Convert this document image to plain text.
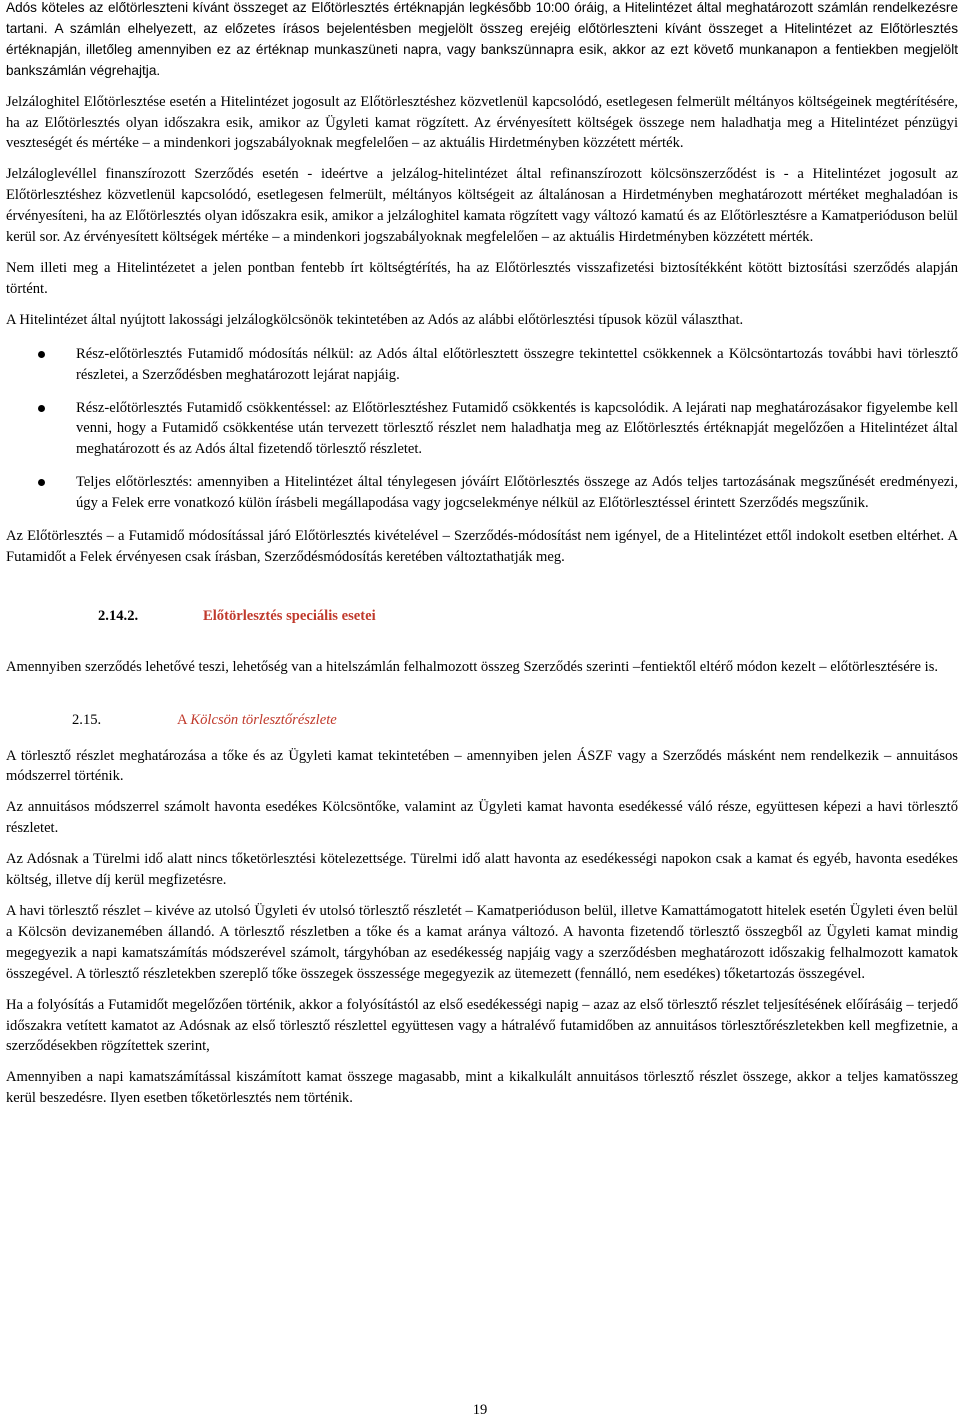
Adós köteles az előtörleszteni kívánt összeget az Előtörlesztés értéknapján legkésőbb 10:00 óráig, a Hitelintézet által meghatározott számlán rendelkezésre tartani. A számlán elhelyezett, az előzetes írásos bejelentésben megjelölt összeg erejéig előtörleszteni kívánt összeget a Hitelintézet az Előtörlesztés értéknapján, illetőleg amennyiben ez az értéknap munkaszüneti napra, vagy bankszünnapra esik, akkor az ezt követő munkanapon a fentiekben megjelölt bankszámlán végrehajtja.

Jelzáloghitel Előtörlesztése esetén a Hitelintézet jogosult az Előtörlesztéshez közvetlenül kapcsolódó, esetlegesen felmerült méltányos költségeinek megtérítésére, ha az Előtörlesztés olyan időszakra esik, amikor az Ügyleti kamat rögzített. Az érvényesített költségek összege nem haladhatja meg a Hitelintézet pénzügyi veszteségét és mértéke – a mindenkori jogszabályoknak megfelelően – az aktuális Hirdetményben közzétett mérték.

Jelzáloglevéllel finanszírozott Szerződés esetén - ideértve a jelzálog-hitelintézet által refinanszírozott kölcsönszerződést is - a Hitelintézet jogosult az Előtörlesztéshez közvetlenül kapcsolódó, esetlegesen felmerült, méltányos költségeit az általánosan a Hirdetményben meghatározott mértéket meghaladóan is érvényesíteni, ha az Előtörlesztés olyan időszakra esik, amikor a jelzáloghitel kamata rögzített vagy változó kamatú és az Előtörlesztésre a Kamatperióduson belül kerül sor. Az érvényesített költségek mértéke – a mindenkori jogszabályoknak megfelelően – az aktuális Hirdetményben közzétett mérték.

Nem illeti meg a Hitelintézetet a jelen pontban fentebb írt költségtérítés, ha az Előtörlesztés visszafizetési biztosítékként kötött biztosítási szerződés alapján történt.

A Hitelintézet által nyújtott lakossági jelzálogkölcsönök tekintetében az Adós az alábbi előtörlesztési típusok közül választhat.

Rész-előtörlesztés Futamidő módosítás nélkül: az Adós által előtörlesztett összegre tekintettel csökkennek a Kölcsöntartozás további havi törlesztő részletei, a Szerződésben meghatározott lejárat napjáig.

Rész-előtörlesztés Futamidő csökkentéssel: az Előtörlesztéshez Futamidő csökkentés is kapcsolódik. A lejárati nap meghatározásakor figyelembe kell venni, hogy a Futamidő csökkentése után tervezett törlesztő részlet nem haladhatja meg az Előtörlesztés értéknapját megelőzően a Hitelintézet által meghatározott és az Adós által fizetendő törlesztő részletet.

Teljes előtörlesztés: amennyiben a Hitelintézet által ténylegesen jóváírt Előtörlesztés összege az Adós teljes tartozásának megszűnését eredményezi, úgy a Felek erre vonatkozó külön írásbeli megállapodása vagy jogcselekménye nélkül az Előtörlesztéssel érintett Szerződés megszűnik.

Az Előtörlesztés – a Futamidő módosítással járó Előtörlesztés kivételével – Szerződés-módosítást nem igényel, de a Hitelintézet ettől indokolt esetben eltérhet. A Futamidőt a Felek érvényesen csak írásban, Szerződésmódosítás keretében változtathatják meg.

2.14.2.	Előtörlesztés speciális esetei

Amennyiben szerződés lehetővé teszi, lehetőség van a hitelszámlán felhalmozott összeg Szerződés szerinti –fentiektől eltérő módon kezelt – előtörlesztésére is.

2.15.	A Kölcsön törlesztőrészlete

A törlesztő részlet meghatározása a tőke és az Ügyleti kamat tekintetében – amennyiben jelen ÁSZF vagy a Szerződés másként nem rendelkezik – annuitásos módszerrel történik.

Az annuitásos módszerrel számolt havonta esedékes Kölcsöntőke, valamint az Ügyleti kamat havonta esedékessé váló része, együttesen képezi a havi törlesztő részletet.

Az Adósnak a Türelmi idő alatt nincs tőketörlesztési kötelezettsége. Türelmi idő alatt havonta az esedékességi napokon csak a kamat és egyéb, havonta esedékes költség, illetve díj kerül megfizetésre.

A havi törlesztő részlet – kivéve az utolsó Ügyleti év utolsó törlesztő részletét – Kamatperióduson belül, illetve Kamattámogatott hitelek esetén Ügyleti éven belül a Kölcsön devizanemében állandó. A törlesztő részletben a tőke és a kamat aránya változó. A havonta fizetendő törlesztő összegből az Ügyleti kamat mindig megegyezik a napi kamatszámítás módszerével számolt, tárgyhóban az esedékesség napjáig vagy a szerződésben meghatározott időszakig felhalmozott kamatok összegével. A törlesztő részletekben szereplő tőke összegek összessége megegyezik az ütemezett (fennálló, nem esedékes) tőketartozás összegével.

Ha a folyósítás a Futamidőt megelőzően történik, akkor a folyósítástól az első esedékességi napig – azaz az első törlesztő részlet teljesítésének előírásáig – terjedő időszakra vetített kamatot az Adósnak az első törlesztő részlettel együttesen vagy a hátralévő futamidőben az annuitásos törlesztőrészletekben kell megfizetnie, a szerződésekben rögzítettek szerint,

Amennyiben a napi kamatszámítással kiszámított kamat összege magasabb, mint a kikalkulált annuitásos törlesztő részlet összege, akkor a teljes kamatösszeg kerül beszedésre. Ilyen esetben tőketörlesztés nem történik.

19
